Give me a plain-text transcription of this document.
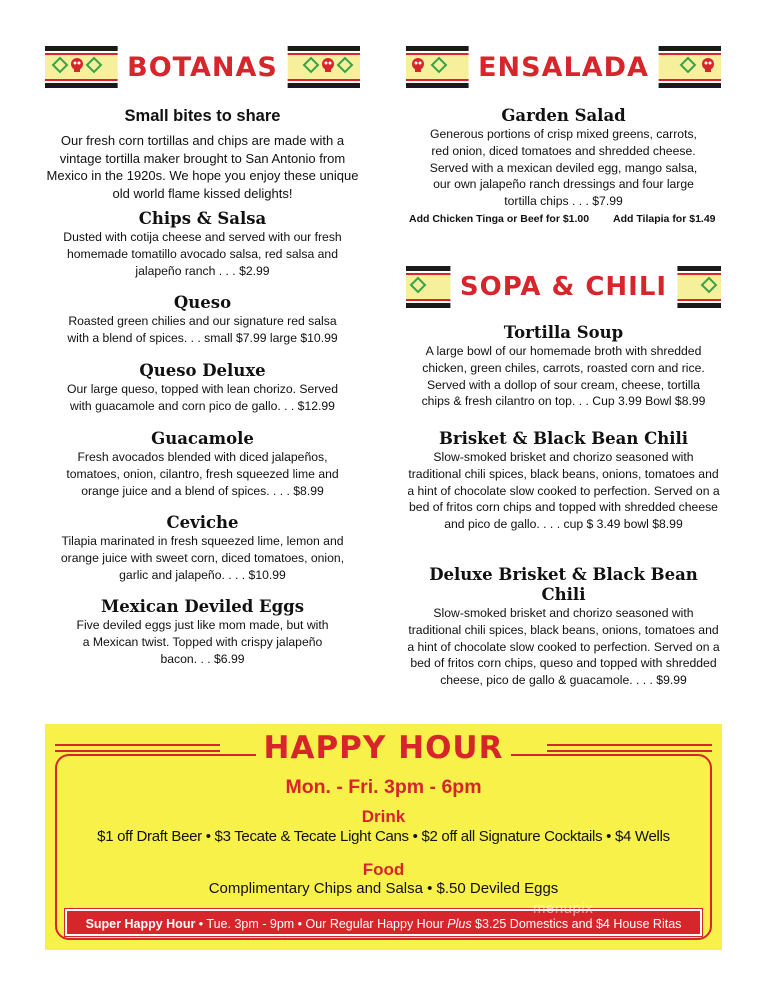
BOTANAS	ENSALADA
SOPA & CHILI
Small bites to share
Our fresh corn tortillas and chips are made with a vintage tortilla maker brought to San Antonio from Mexico in the 1920s. We hope you enjoy these unique old world flame kissed delights!
Chips & Salsa
Dusted with cotija cheese and served with our fresh homemade tomatillo avocado salsa, red salsa and jalapeño ranch . . . $2.99
Queso
Roasted green chilies and our signature red salsa with a blend of spices. . . small $7.99 large $10.99
Queso Deluxe
Our large queso, topped with lean chorizo. Served with guacamole and corn pico de gallo. . . $12.99
Guacamole
Fresh avocados blended with diced jalapeños, tomatoes, onion, cilantro, fresh squeezed lime and orange juice and a blend of spices. . . . $8.99
Ceviche
Tilapia marinated in fresh squeezed lime, lemon and orange juice with sweet corn, diced tomatoes, onion, garlic and jalapeño. . . . $10.99
Mexican Deviled Eggs
Five deviled eggs just like mom made, but with a Mexican twist. Topped with crispy jalapeño bacon. . . $6.99
Garden Salad
Generous portions of crisp mixed greens, carrots, red onion, diced tomatoes and shredded cheese. Served with a mexican deviled egg, mango salsa, our own jalapeño ranch dressings and four large tortilla chips . . . $7.99
Add Chicken Tinga or Beef for $1.00 Add Tilapia for $1.49
Tortilla Soup
A large bowl of our homemade broth with shredded chicken, green chiles, carrots, roasted corn and rice. Served with a dollop of sour cream, cheese, tortilla chips & fresh cilantro on top. . . Cup 3.99 Bowl $8.99
Brisket & Black Bean Chili
Slow-smoked brisket and chorizo seasoned with traditional chili spices, black beans, onions, tomatoes and a hint of chocolate slow cooked to perfection. Served on a bed of fritos corn chips and topped with shredded cheese and pico de gallo. . . . cup $ 3.49 bowl $8.99
Deluxe Brisket & Black Bean Chili
Slow-smoked brisket and chorizo seasoned with traditional chili spices, black beans, onions, tomatoes and a hint of chocolate slow cooked to perfection. Served on a bed of fritos corn chips, queso and topped with shredded cheese, pico de gallo & guacamole. . . . $9.99
HAPPY HOUR
Mon. - Fri. 3pm - 6pm
Drink
$1 off Draft Beer • $3 Tecate & Tecate Light Cans • $2 off all Signature Cocktails • $4 Wells
Food
Complimentary Chips and Salsa • $.50 Deviled Eggs
Super Happy Hour • Tue. 3pm - 9pm • Our Regular Happy Hour Plus $3.25 Domestics and $4 House Ritas
menupix
